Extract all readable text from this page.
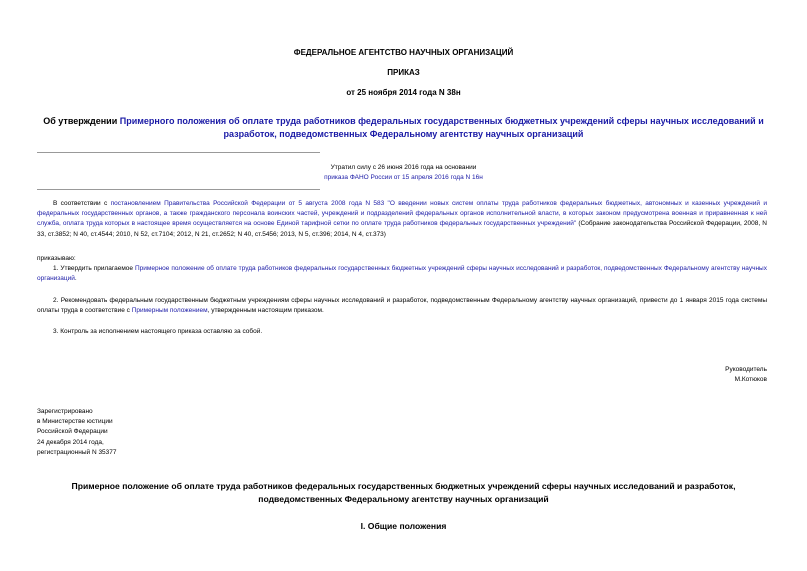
ФЕДЕРАЛЬНОЕ АГЕНТСТВО НАУЧНЫХ ОРГАНИЗАЦИЙ
ПРИКАЗ
от 25 ноября 2014 года N 38н
Об утверждении Примерного положения об оплате труда работников федеральных государственных бюджетных учреждений сферы научных исследований и разработок, подведомственных Федеральному агентству научных организаций
Утратил силу с 26 июня 2016 года на основании
приказа ФАНО России от 15 апреля 2016 года N 16н
В соответствии с постановлением Правительства Российской Федерации от 5 августа 2008 года N 583 "О введении новых систем оплаты труда работников федеральных бюджетных, автономных и казенных учреждений и федеральных государственных органов, а также гражданского персонала воинских частей, учреждений и подразделений федеральных органов исполнительной власти, в которых законом предусмотрена военная и приравненная к ней служба, оплата труда которых в настоящее время осуществляется на основе Единой тарифной сетки по оплате труда работников федеральных государственных учреждений" (Собрание законодательства Российской Федерации, 2008, N 33, ст.3852; N 40, ст.4544; 2010, N 52, ст.7104; 2012, N 21, ст.2652; N 40, ст.5456; 2013, N 5, ст.396; 2014, N 4, ст.373)
приказываю:
1. Утвердить прилагаемое Примерное положение об оплате труда работников федеральных государственных бюджетных учреждений сферы научных исследований и разработок, подведомственных Федеральному агентству научных организаций.
2. Рекомендовать федеральным государственным бюджетным учреждениям сферы научных исследований и разработок, подведомственным Федеральному агентству научных организаций, привести до 1 января 2015 года системы оплаты труда в соответствие с Примерным положением, утвержденным настоящим приказом.
3. Контроль за исполнением настоящего приказа оставляю за собой.
Руководитель
М.Котюков
Зарегистрировано
в Министерстве юстиции
Российской Федерации
24 декабря 2014 года,
регистрационный N 35377
Примерное положение об оплате труда работников федеральных государственных бюджетных учреждений сферы научных исследований и разработок,
подведомственных Федеральному агентству научных организаций
I. Общие положения
